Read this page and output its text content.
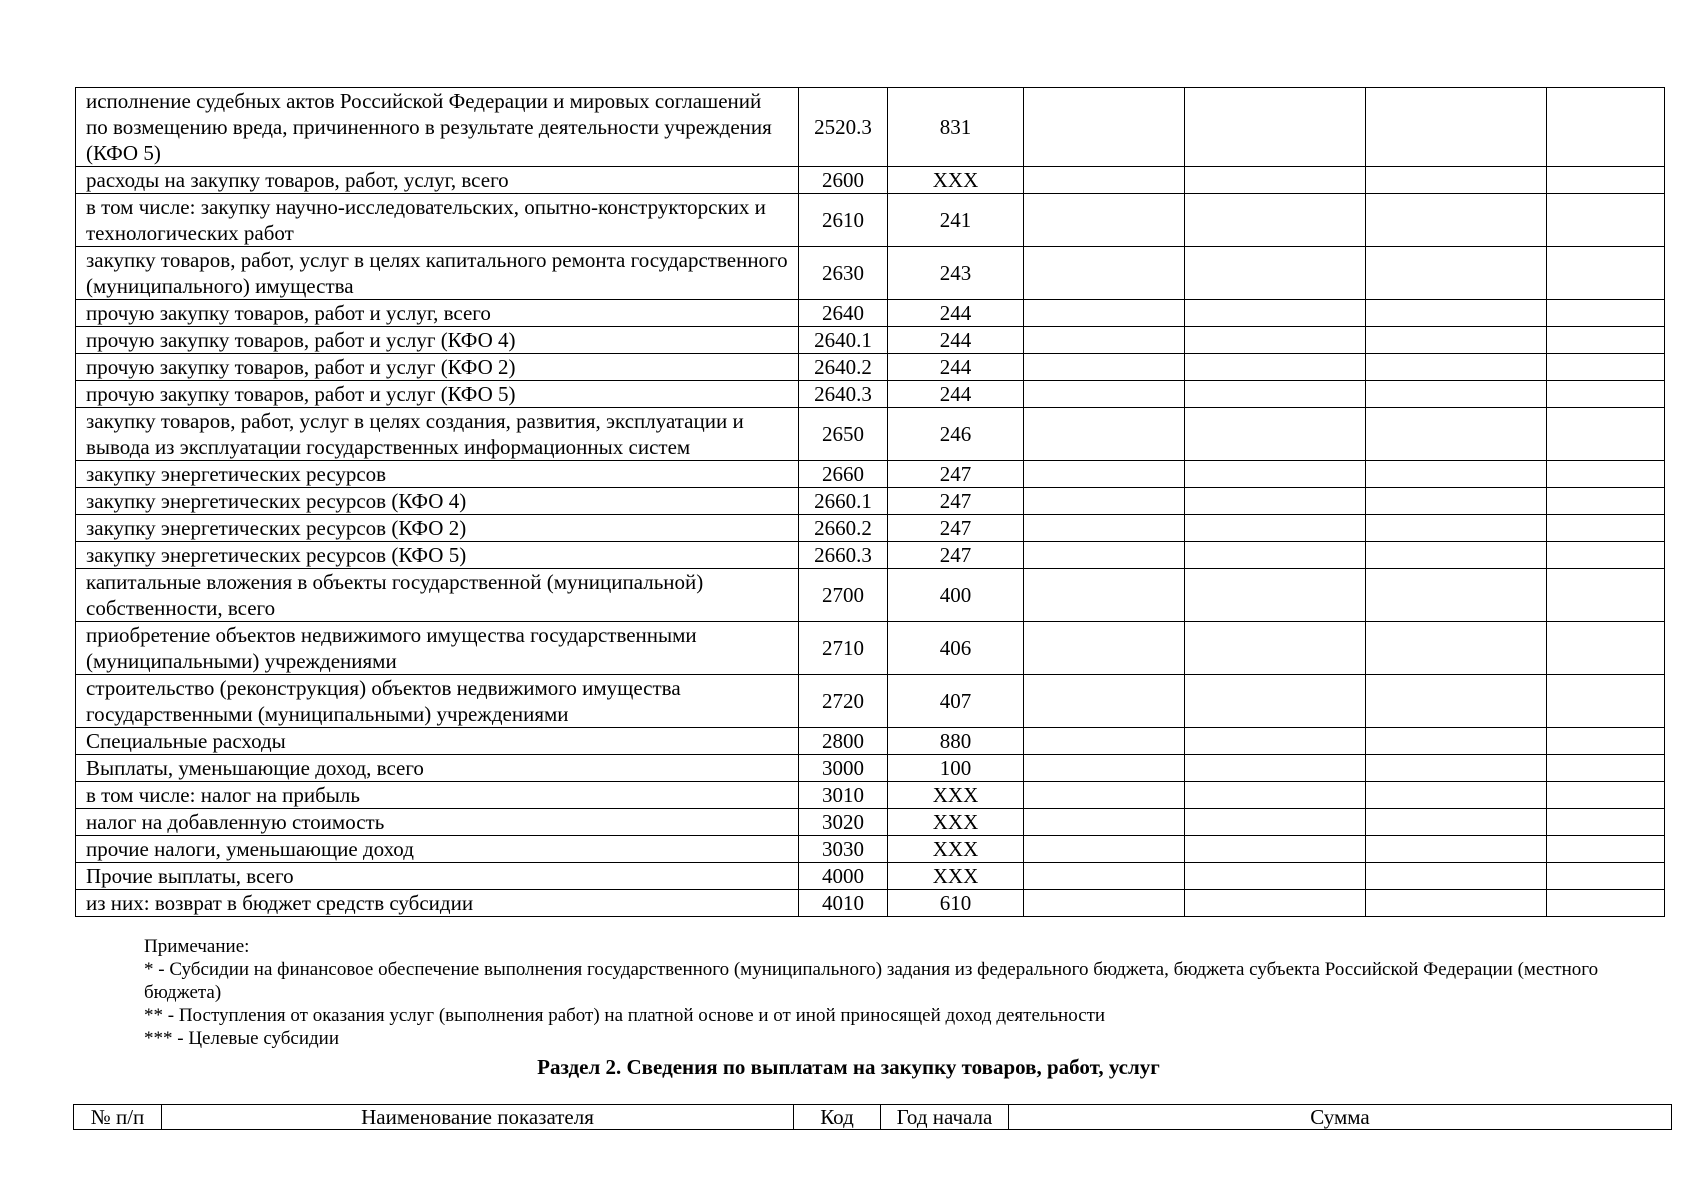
исполнение судебных актов Российской Федерации и мировых соглашений по возмещению вреда, причиненного в результате деятельности учреждения (КФО 5)	2520.3	831				
расходы на закупку товаров, работ, услуг, всего	2600	XXX				
в том числе: закупку научно-исследовательских, опытно-конструкторских и технологических работ	2610	241				
закупку товаров, работ, услуг в целях капитального ремонта государственного (муниципального) имущества	2630	243				
прочую закупку товаров, работ и услуг, всего	2640	244				
прочую закупку товаров, работ и услуг (КФО 4)	2640.1	244				
прочую закупку товаров, работ и услуг (КФО 2)	2640.2	244				
прочую закупку товаров, работ и услуг (КФО 5)	2640.3	244				
закупку товаров, работ, услуг в целях создания, развития, эксплуатации и вывода из эксплуатации государственных информационных систем	2650	246				
закупку энергетических ресурсов	2660	247				
закупку энергетических ресурсов (КФО 4)	2660.1	247				
закупку энергетических ресурсов (КФО 2)	2660.2	247				
закупку энергетических ресурсов (КФО 5)	2660.3	247				
капитальные вложения в объекты государственной (муниципальной) собственности, всего	2700	400				
приобретение объектов недвижимого имущества государственными (муниципальными) учреждениями	2710	406				
строительство (реконструкция) объектов недвижимого имущества государственными (муниципальными) учреждениями	2720	407				
Специальные расходы	2800	880				
Выплаты, уменьшающие доход, всего	3000	100				
в том числе: налог на прибыль	3010	XXX				
налог на добавленную стоимость	3020	XXX				
прочие налоги, уменьшающие доход	3030	XXX				
Прочие выплаты, всего	4000	XXX				
из них: возврат в бюджет средств субсидии	4010	610				
Примечание:
* - Субсидии на финансовое обеспечение выполнения государственного (муниципального) задания из федерального бюджета, бюджета субъекта Российской Федерации (местного бюджета)
** - Поступления от оказания услуг (выполнения работ) на платной основе и от иной приносящей доход деятельности
*** - Целевые субсидии
Раздел 2. Сведения по выплатам на закупку товаров, работ, услуг
№ п/п	Наименование показателя	Код	Год начала	Сумма
